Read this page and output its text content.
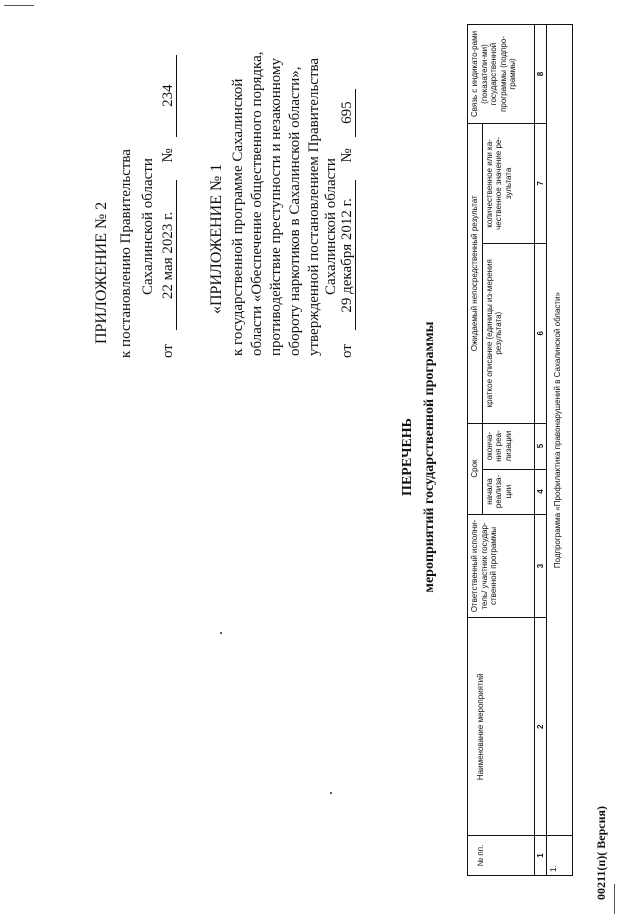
ПРИЛОЖЕНИЕ № 2 к постановлению Правительства Сахалинской области
от 22 мая 2023 г. № 234
«ПРИЛОЖЕНИЕ № 1 к государственной программе Сахалинской области «Обеспечение общественного порядка, противодействие преступности и незаконному обороту наркотиков в Сахалинской области», утвержденной постановлением Правительства Сахалинской области
от 29 декабря 2012 г. № 695
ПЕРЕЧЕНЬ мероприятий государственной программы
№ пп.	Наименование мероприятий	Ответственный исполни-тель/ участник государ-ственной программы	Срок		Ожидаемый непосредственный результат		Связь с индикато-рами (показатели-ми) государственной программы (подпро-граммы)
			начала реализа-ции	оконча-ния реа-лизации	краткое описание (единицы из-мерения результата)	количественное или ка-чественное значение ре-зультата	
1	2	3	4	5	6	7	8
1.	Подпрограмма «Профилактика правонарушений в Сахалинской области»						
00211(п)( Версия)
